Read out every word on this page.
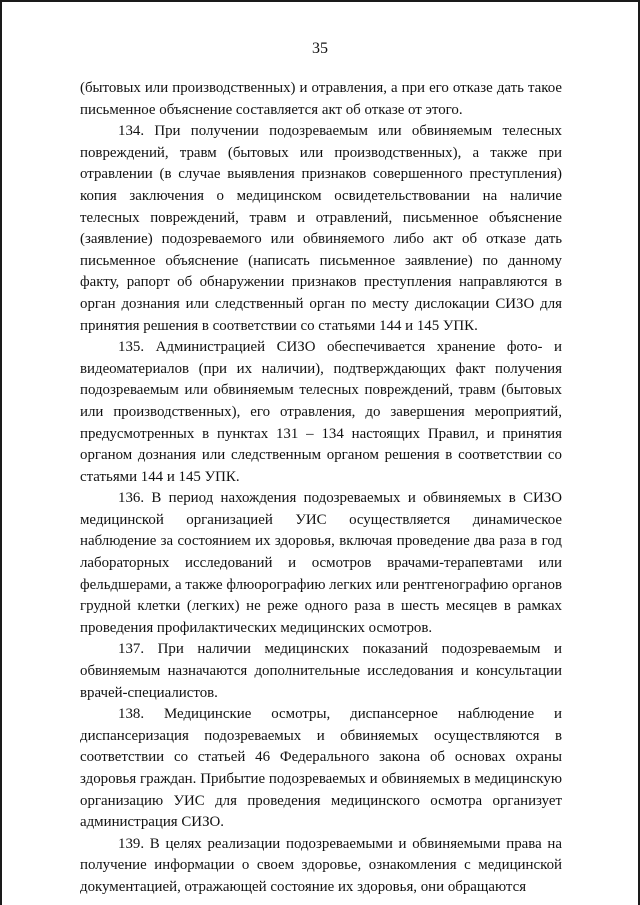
35

(бытовых или производственных) и отравления, а при его отказе дать такое письменное объяснение составляется акт об отказе от этого.

134. При получении подозреваемым или обвиняемым телесных повреждений, травм (бытовых или производственных), а также при отравлении (в случае выявления признаков совершенного преступления) копия заключения о медицинском освидетельствовании на наличие телесных повреждений, травм и отравлений, письменное объяснение (заявление) подозреваемого или обвиняемого либо акт об отказе дать письменное объяснение (написать письменное заявление) по данному факту, рапорт об обнаружении признаков преступления направляются в орган дознания или следственный орган по месту дислокации СИЗО для принятия решения в соответствии со статьями 144 и 145 УПК.

135. Администрацией СИЗО обеспечивается хранение фото- и видеоматериалов (при их наличии), подтверждающих факт получения подозреваемым или обвиняемым телесных повреждений, травм (бытовых или производственных), его отравления, до завершения мероприятий, предусмотренных в пунктах 131 – 134 настоящих Правил, и принятия органом дознания или следственным органом решения в соответствии со статьями 144 и 145 УПК.

136. В период нахождения подозреваемых и обвиняемых в СИЗО медицинской организацией УИС осуществляется динамическое наблюдение за состоянием их здоровья, включая проведение два раза в год лабораторных исследований и осмотров врачами-терапевтами или фельдшерами, а также флюорографию легких или рентгенографию органов грудной клетки (легких) не реже одного раза в шесть месяцев в рамках проведения профилактических медицинских осмотров.

137. При наличии медицинских показаний подозреваемым и обвиняемым назначаются дополнительные исследования и консультации врачей-специалистов.

138. Медицинские осмотры, диспансерное наблюдение и диспансеризация подозреваемых и обвиняемых осуществляются в соответствии со статьей 46 Федерального закона об основах охраны здоровья граждан. Прибытие подозреваемых и обвиняемых в медицинскую организацию УИС для проведения медицинского осмотра организует администрация СИЗО.

139. В целях реализации подозреваемыми и обвиняемыми права на получение информации о своем здоровье, ознакомления с медицинской документацией, отражающей состояние их здоровья, они обращаются
